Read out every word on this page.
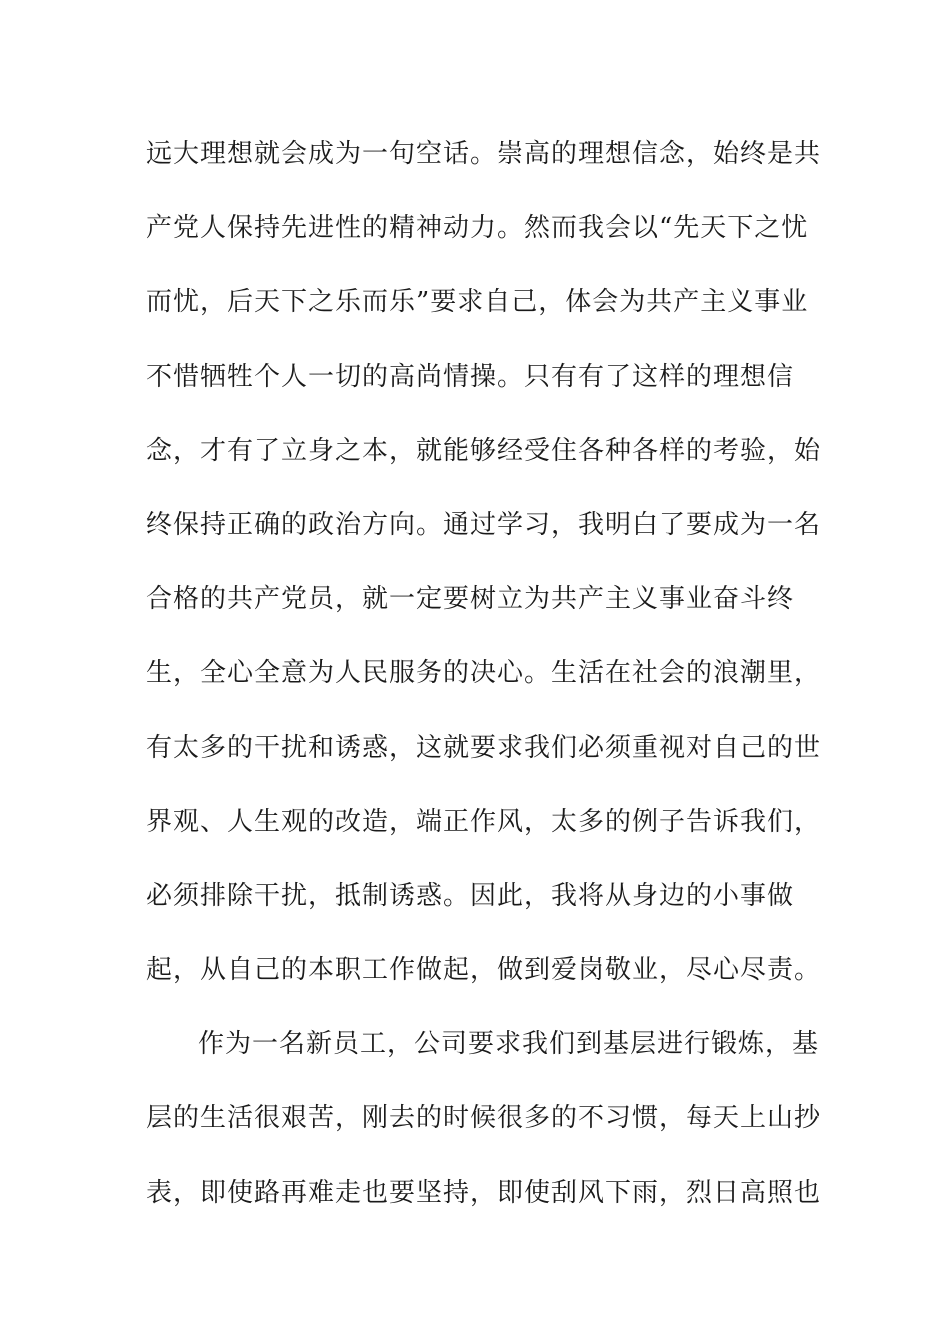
远大理想就会成为一句空话。崇高的理想信念，始终是共
产党人保持先进性的精神动力。然而我会以“先天下之忧
而忧，后天下之乐而乐”要求自己，体会为共产主义事业
不惜牺牲个人一切的高尚情操。只有有了这样的理想信
念，才有了立身之本，就能够经受住各种各样的考验，始
终保持正确的政治方向。通过学习，我明白了要成为一名
合格的共产党员，就一定要树立为共产主义事业奋斗终
生，全心全意为人民服务的决心。生活在社会的浪潮里，
有太多的干扰和诱惑，这就要求我们必须重视对自己的世
界观、人生观的改造，端正作风，太多的例子告诉我们，
必须排除干扰，抵制诱惑。因此，我将从身边的小事做
起，从自己的本职工作做起，做到爱岗敬业，尽心尽责。
作为一名新员工，公司要求我们到基层进行锻炼，基
层的生活很艰苦，刚去的时候很多的不习惯，每天上山抄
表，即使路再难走也要坚持，即使刮风下雨，烈日高照也
